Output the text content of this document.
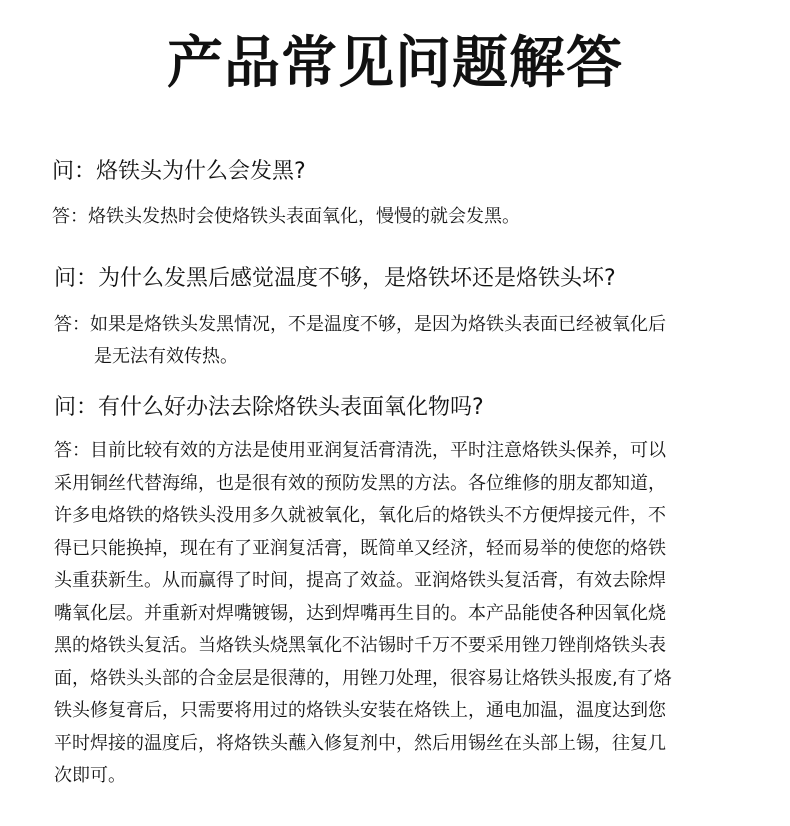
产品常见问题解答
问：烙铁头为什么会发黑?
答：烙铁头发热时会使烙铁头表面氧化，慢慢的就会发黑。
问：为什么发黑后感觉温度不够，是烙铁坏还是烙铁头坏?
答：如果是烙铁头发黑情况，不是温度不够，是因为烙铁头表面已经被氧化后
是无法有效传热。
问：有什么好办法去除烙铁头表面氧化物吗?
答：目前比较有效的方法是使用亚润复活膏清洗，平时注意烙铁头保养，可以
采用铜丝代替海绵，也是很有效的预防发黑的方法。各位维修的朋友都知道，
许多电烙铁的烙铁头没用多久就被氧化，氧化后的烙铁头不方便焊接元件，不
得已只能换掉，现在有了亚润复活膏，既简单又经济，轻而易举的使您的烙铁
头重获新生。从而赢得了时间，提高了效益。亚润烙铁头复活膏，有效去除焊
嘴氧化层。并重新对焊嘴镀锡，达到焊嘴再生目的。本产品能使各种因氧化烧
黑的烙铁头复活。当烙铁头烧黑氧化不沾锡时千万不要采用锉刀锉削烙铁头表
面，烙铁头头部的合金层是很薄的，用锉刀处理，很容易让烙铁头报废,有了烙
铁头修复膏后，只需要将用过的烙铁头安装在烙铁上，通电加温，温度达到您
平时焊接的温度后，将烙铁头蘸入修复剂中，然后用锡丝在头部上锡，往复几
次即可。
